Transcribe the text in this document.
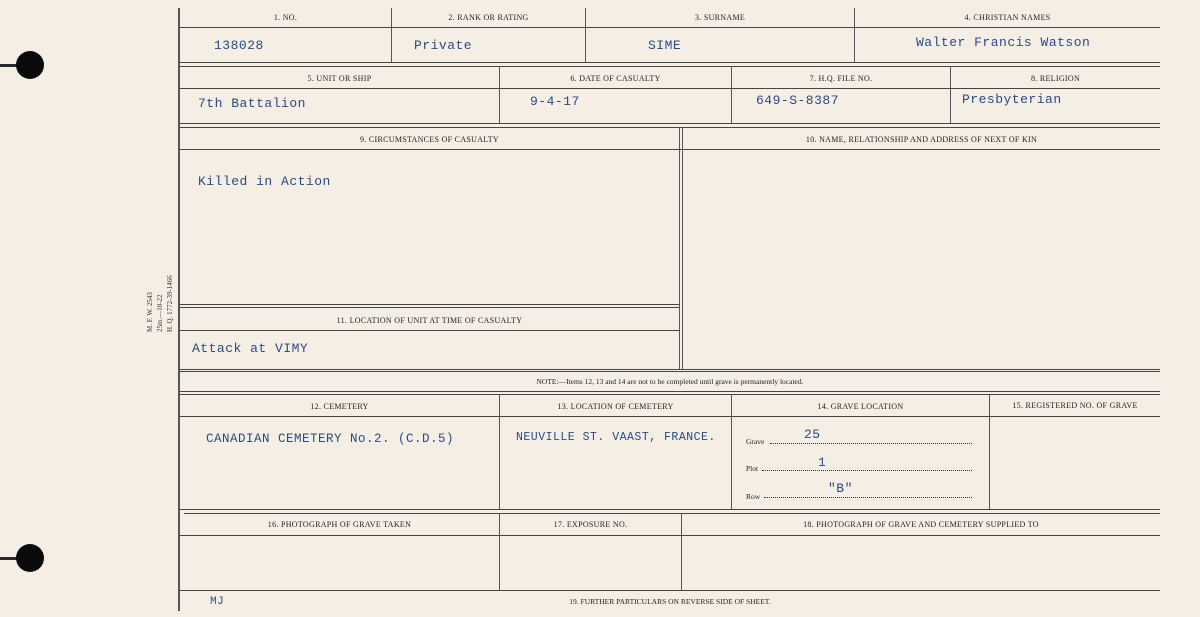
M. F. W. 2543 25m.—10-22 H. Q. 1772-39-1466
1. NO.
138028
2. RANK OR RATING
Private
3. SURNAME
SIME
4. CHRISTIAN NAMES
Walter Francis Watson
5. UNIT OR SHIP
7th Battalion
6. DATE OF CASUALTY
9-4-17
7. H.Q. FILE NO.
649-S-8387
8. RELIGION
Presbyterian
9. CIRCUMSTANCES OF CASUALTY
Killed in Action
10. NAME, RELATIONSHIP AND ADDRESS OF NEXT OF KIN
11. LOCATION OF UNIT AT TIME OF CASUALTY
Attack at VIMY
NOTE:—Items 12, 13 and 14 are not to be completed until grave is permanently located.
12. CEMETERY
CANADIAN CEMETERY No.2. (C.D.5)
13. LOCATION OF CEMETERY
NEUVILLE ST. VAAST, FRANCE.
14. GRAVE LOCATION
Grave	25
Plot	1
Row
"B"
15. REGISTERED NO. OF GRAVE
16. PHOTOGRAPH OF GRAVE TAKEN	17. EXPOSURE NO.	18. PHOTOGRAPH OF GRAVE AND CEMETERY SUPPLIED TO
MJ	19. FURTHER PARTICULARS ON REVERSE SIDE OF SHEET.
